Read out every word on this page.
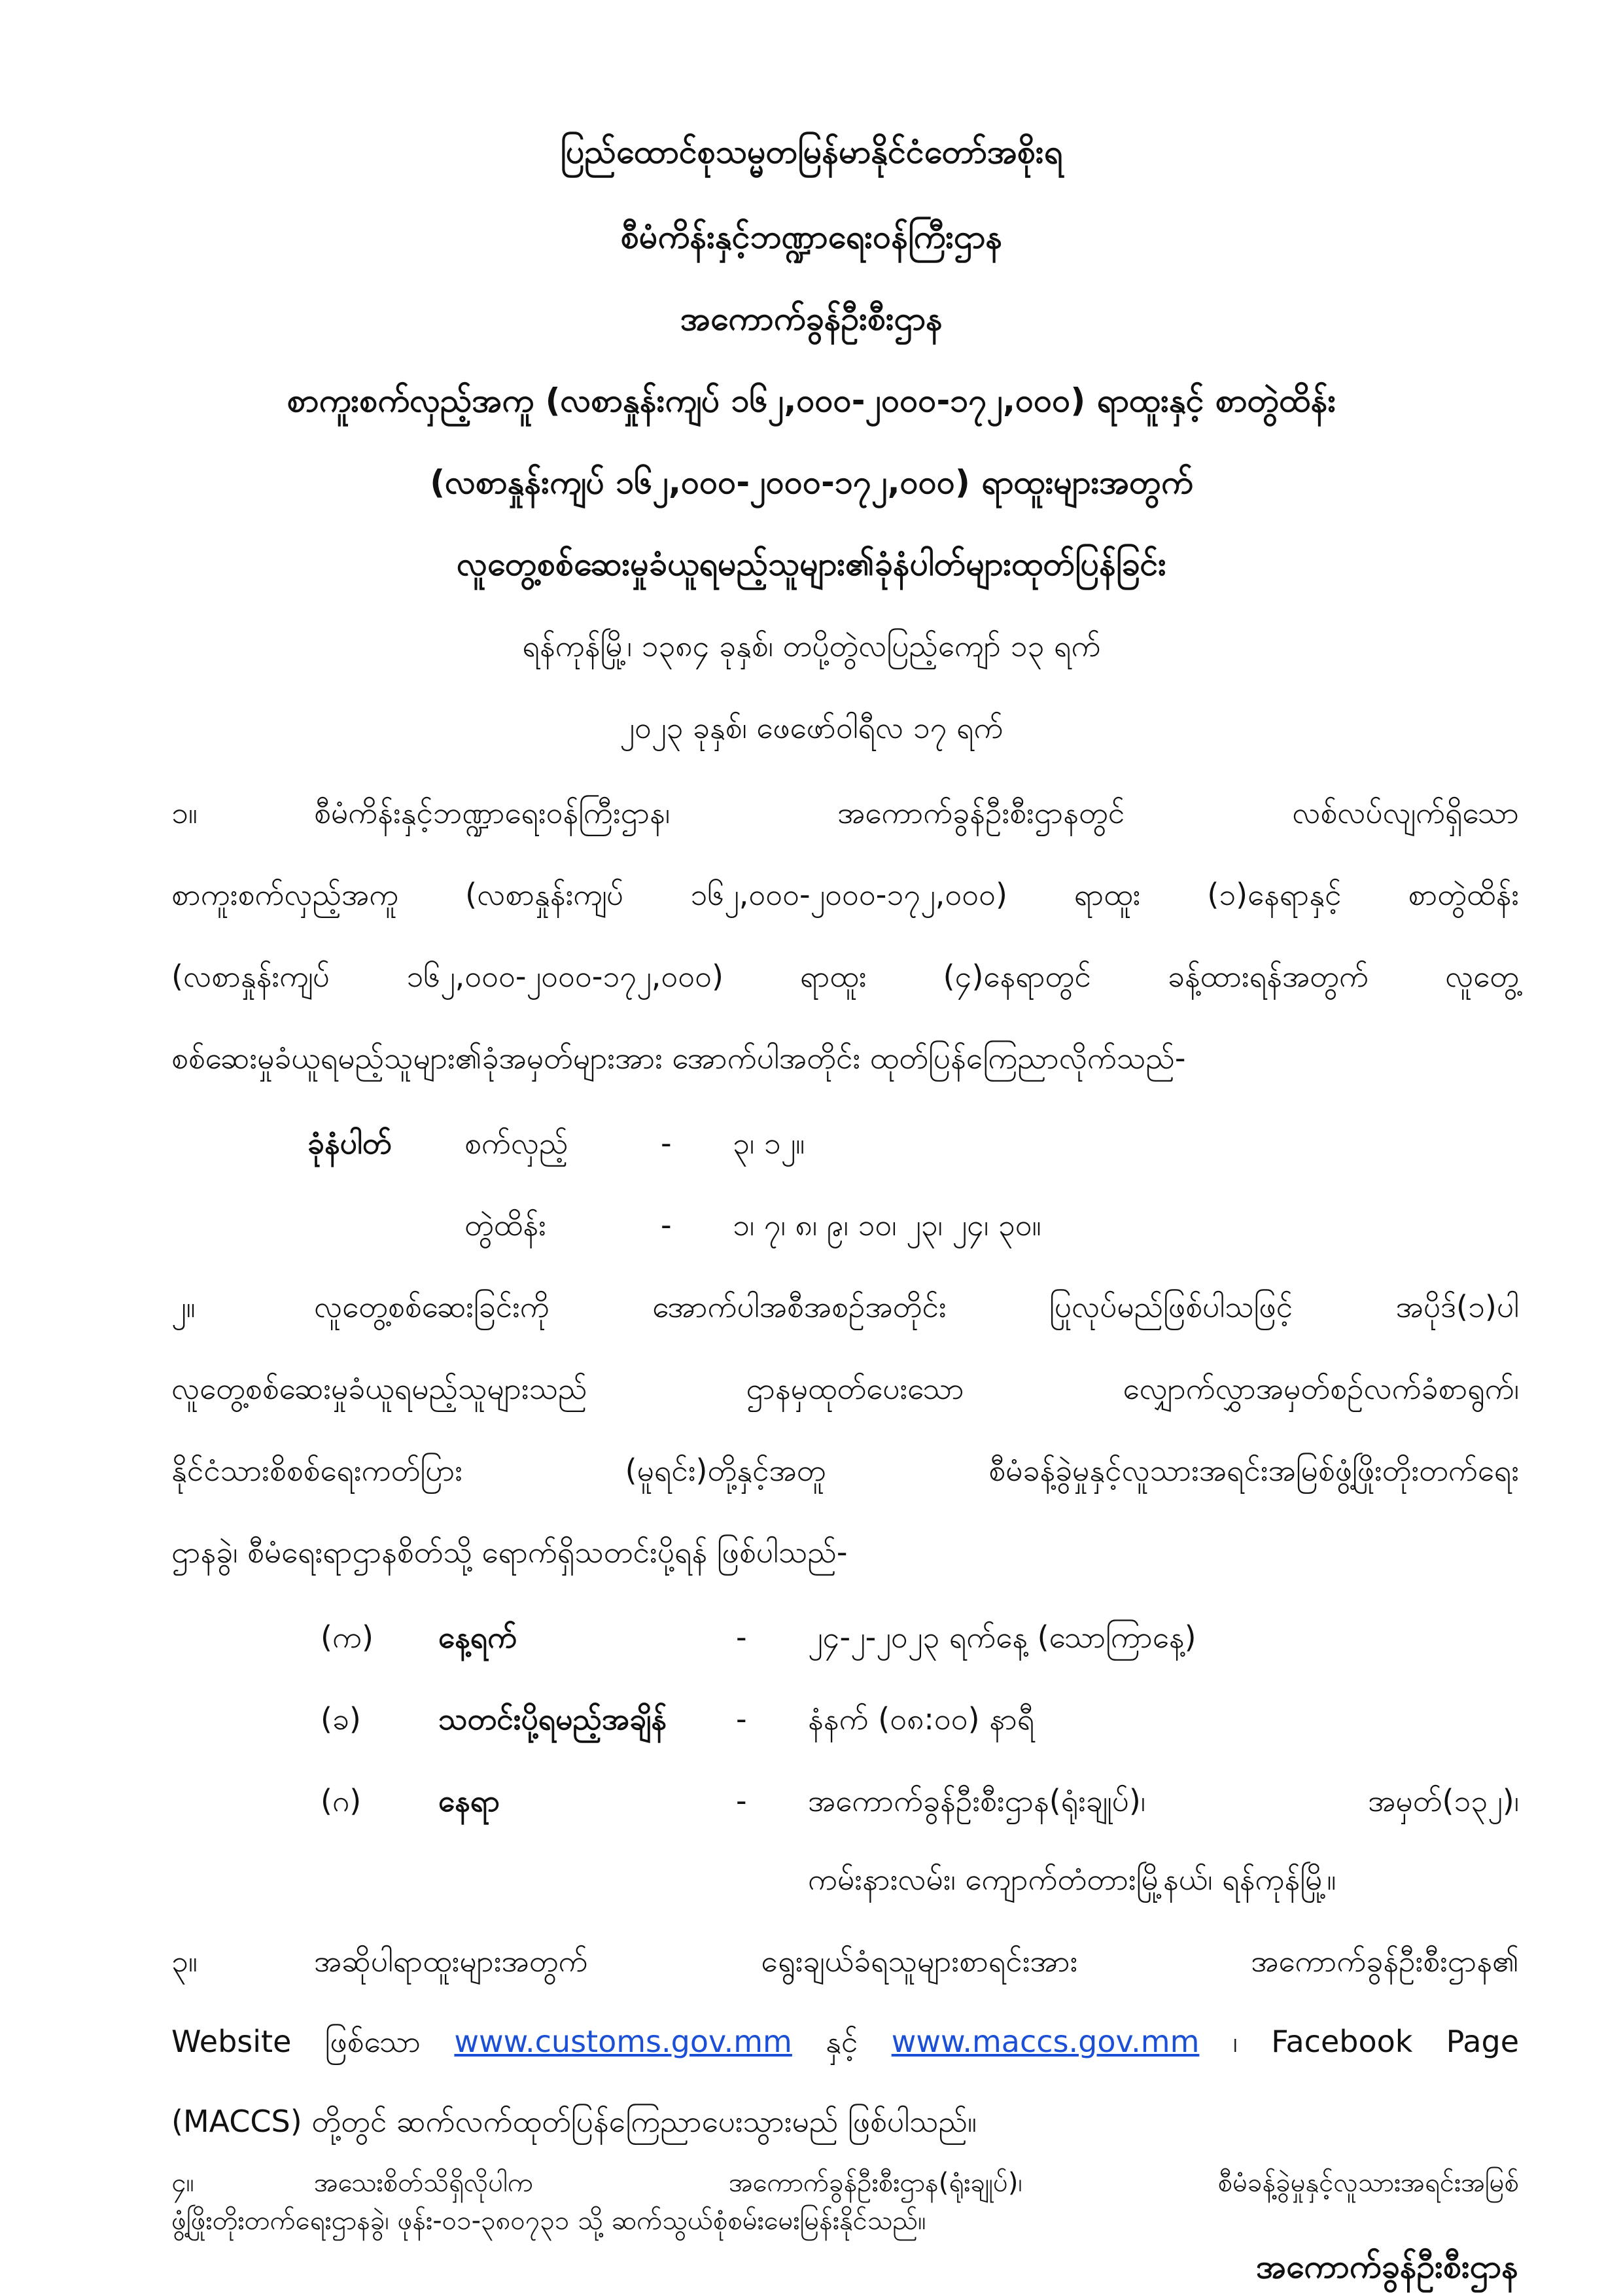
ပြည်ထောင်စုသမ္မတမြန်မာနိုင်ငံတော်အစိုးရ
စီမံကိန်းနှင့်ဘဏ္ဍာရေးဝန်ကြီးဌာန
အကောက်ခွန်ဦးစီးဌာန
စာကူးစက်လှည့်အကူ (လစာနှုန်းကျပ် ၁၆၂,၀၀၀-၂၀၀၀-၁၇၂,၀၀၀) ရာထူးနှင့် စာတွဲထိန်း
(လစာနှုန်းကျပ် ၁၆၂,၀၀၀-၂၀၀၀-၁၇၂,၀၀၀) ရာထူးများအတွက်
လူတွေ့စစ်ဆေးမှုခံယူရမည့်သူများ၏ခုံနံပါတ်များထုတ်ပြန်ခြင်း
ရန်ကုန်မြို့၊ ၁၃၈၄ ခုနှစ်၊ တပို့တွဲလပြည့်ကျော် ၁၃ ရက်
၂၀၂၃ ခုနှစ်၊ ဖေဖော်ဝါရီလ ၁၇ ရက်
၁။	စီမံကိန်းနှင့်ဘဏ္ဍာရေးဝန်ကြီးဌာန၊ အကောက်ခွန်ဦးစီးဌာနတွင် လစ်လပ်လျက်ရှိသော
စာကူးစက်လှည့်အကူ (လစာနှုန်းကျပ် ၁၆၂,၀၀၀-၂၀၀၀-၁၇၂,၀၀၀) ရာထူး (၁)နေရာနှင့် စာတွဲထိန်း
(လစာနှုန်းကျပ် ၁၆၂,၀၀၀-၂၀၀၀-၁၇၂,၀၀၀) ရာထူး (၄)နေရာတွင် ခန့်ထားရန်အတွက် လူတွေ့
စစ်ဆေးမှုခံယူရမည့်သူများ၏ခုံအမှတ်များအား အောက်ပါအတိုင်း ထုတ်ပြန်ကြေညာလိုက်သည်-
ခုံနံပါတ် စက်လှည့်	- ၃၊ ၁၂။
တွဲထိန်း	- ၁၊ ၇၊ ၈၊ ၉၊ ၁၀၊ ၂၃၊ ၂၄၊ ၃၀။
၂။	လူတွေ့စစ်ဆေးခြင်းကို အောက်ပါအစီအစဉ်အတိုင်း ပြုလုပ်မည်ဖြစ်ပါသဖြင့် အပိုဒ်(၁)ပါ
လူတွေ့စစ်ဆေးမှုခံယူရမည့်သူများသည် ဌာနမှထုတ်ပေးသော လျှောက်လွှာအမှတ်စဉ်လက်ခံစာရွက်၊
နိုင်ငံသားစိစစ်ရေးကတ်ပြား (မူရင်း)တို့နှင့်အတူ စီမံခန့်ခွဲမှုနှင့်လူသားအရင်းအမြစ်ဖွံ့ဖြိုးတိုးတက်ရေး
ဌာနခွဲ၊ စီမံရေးရာဌာနစိတ်သို့ ရောက်ရှိသတင်းပို့ရန် ဖြစ်ပါသည်-
(က) နေ့ရက်	- ၂၄-၂-၂၀၂၃ ရက်နေ့ (သောကြာနေ့)
(ခ)	သတင်းပို့ရမည့်အချိန် - နံနက် (၀၈:၀၀) နာရီ
(ဂ)	နေရာ	- အကောက်ခွန်ဦးစီးဌာန(ရုံးချုပ်)၊ အမှတ်(၁၃၂)၊
ကမ်းနားလမ်း၊ ကျောက်တံတားမြို့နယ်၊ ရန်ကုန်မြို့။
၃။	အဆိုပါရာထူးများအတွက် ရွေးချယ်ခံရသူများစာရင်းအား အကောက်ခွန်ဦးစီးဌာန၏
Website ဖြစ်သော www.customs.gov.mm နှင့် www.maccs.gov.mm ၊ Facebook Page
(MACCS) တို့တွင် ဆက်လက်ထုတ်ပြန်ကြေညာပေးသွားမည် ဖြစ်ပါသည်။
၄။	အသေးစိတ်သိရှိလိုပါက အကောက်ခွန်ဦးစီးဌာန(ရုံးချုပ်)၊ စီမံခန့်ခွဲမှုနှင့်လူသားအရင်းအမြစ်
ဖွံ့ဖြိုးတိုးတက်ရေးဌာနခွဲ၊ ဖုန်း-၀၁-၃၈၀၇၃၁ သို့ ဆက်သွယ်စုံစမ်းမေးမြန်းနိုင်သည်။
အကောက်ခွန်ဦးစီးဌာန
